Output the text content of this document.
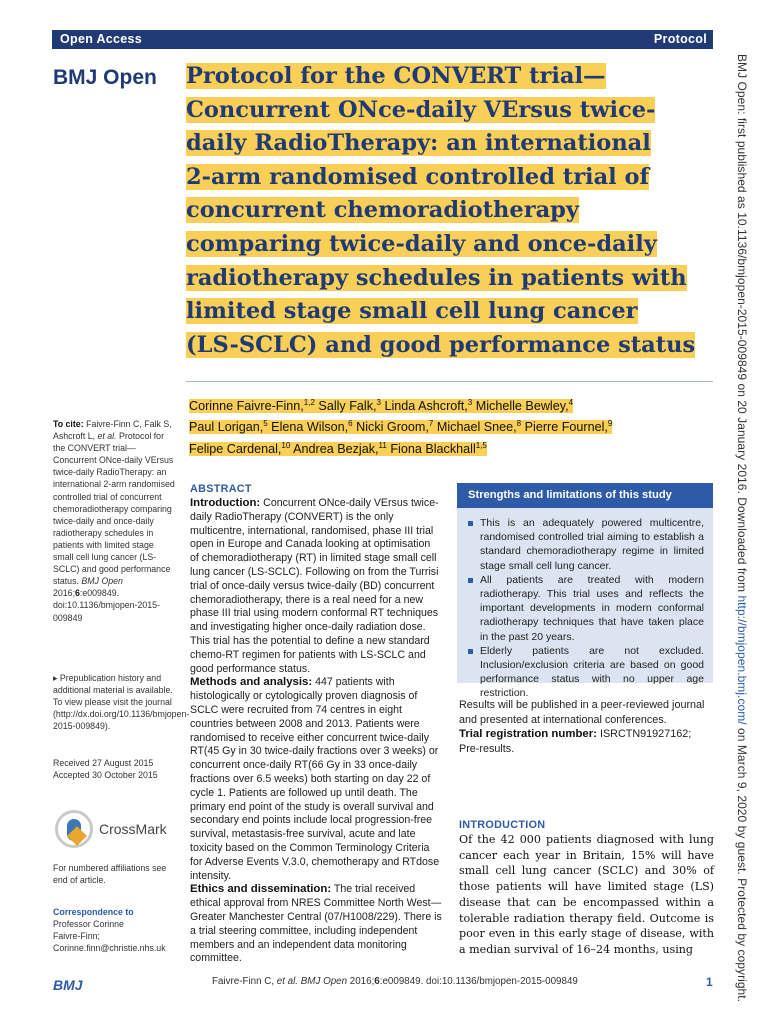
Open Access	Protocol
BMJ Open Protocol for the CONVERT trial—
Concurrent ONce-daily VErsus twice-
daily RadioTherapy: an international
2-arm randomised controlled trial of
concurrent chemoradiotherapy
comparing twice-daily and once-daily
radiotherapy schedules in patients with
limited stage small cell lung cancer
(LS-SCLC) and good performance status
Corinne Faivre-Finn,$^{1,2}$ Sally Falk,$^3$ Linda Ashcroft,$^3$ Michelle Bewley,$^4$
Paul Lorigan,$^5$ Elena Wilson,$^6$ Nicki Groom,$^7$ Michael Snee,$^8$ Pierre Fournel,$^9$
Felipe Cardenal,$^{10}$ Andrea Bezjak,$^{11}$ Fiona Blackhall$^{1,5}$
To cite: Faivre-Finn C, Falk S, Ashcroft L, et al. Protocol for the CONVERT trial—Concurrent ONce-daily VErsus twice-daily RadioTherapy: an international 2-arm randomised controlled trial of concurrent chemoradiotherapy comparing twice-daily and once-daily radiotherapy schedules in patients with limited stage small cell lung cancer (LS-SCLC) and good performance status. BMJ Open 2016;6:e009849. doi:10.1136/bmjopen-2015-009849
▸ Prepublication history and additional material is available. To view please visit the journal (http://dx.doi.org/10.1136/bmjopen-2015-009849).
Received 27 August 2015
Accepted 30 October 2015
CrossMark
For numbered affiliations see end of article.
Correspondence to
Professor Corinne
Faivre-Finn;
Corinne.finn@christie.nhs.uk
ABSTRACT

Introduction: Concurrent ONce-daily VErsus twice-daily RadioTherapy (CONVERT) is the only multicentre, international, randomised, phase III trial open in Europe and Canada looking at optimisation of chemoradiotherapy (RT) in limited stage small cell lung cancer (LS-SCLC). Following on from the Turrisi trial of once-daily versus twice-daily (BD) concurrent chemoradiotherapy, there is a real need for a new phase III trial using modern conformal RT techniques and investigating higher once-daily radiation dose. This trial has the potential to define a new standard chemo-RT regimen for patients with LS-SCLC and good performance status.

Methods and analysis: 447 patients with histologically or cytologically proven diagnosis of SCLC were recruited from 74 centres in eight countries between 2008 and 2013. Patients were randomised to receive either concurrent twice-daily RT(45 Gy in 30 twice-daily fractions over 3 weeks) or concurrent once-daily RT(66 Gy in 33 once-daily fractions over 6.5 weeks) both starting on day 22 of cycle 1. Patients are followed up until death. The primary end point of the study is overall survival and secondary end points include local progression-free survival, metastasis-free survival, acute and late toxicity based on the Common Terminology Criteria for Adverse Events V.3.0, chemotherapy and RTdose intensity.

Ethics and dissemination: The trial received ethical approval from NRES Committee North West—Greater Manchester Central (07/H1008/229). There is a trial steering committee, including independent members and an independent data monitoring committee.

Strengths and limitations of this study
This is an adequately powered multicentre, randomised controlled trial aiming to establish a standard chemoradiotherapy regime in limited stage small cell lung cancer.
All patients are treated with modern radiotherapy. This trial uses and reflects the important developments in modern conformal radiotherapy techniques that have taken place in the past 20 years.
Elderly patients are not excluded. Inclusion/exclusion criteria are based on good performance status with no upper age restriction.
Results will be published in a peer-reviewed journal and presented at international conferences.
Trial registration number: ISRCTN91927162; Pre-results.
INTRODUCTION
Of the 42 000 patients diagnosed with lung cancer each year in Britain, 15% will have small cell lung cancer (SCLC) and 30% of those patients will have limited stage (LS) disease that can be encompassed within a tolerable radiation therapy field. Outcome is poor even in this early stage of disease, with a median survival of 16–24 months, using
BMJ Open: first published as 10.1136/bmjopen-2015-009849 on 20 January 2016. Downloaded from http://bmjopen.bmj.com/ on March 9, 2020 by guest. Protected by copyright.
BMJ	Faivre-Finn C, et al. BMJ Open 2016;6:e009849. doi:10.1136/bmjopen-2015-009849	1
